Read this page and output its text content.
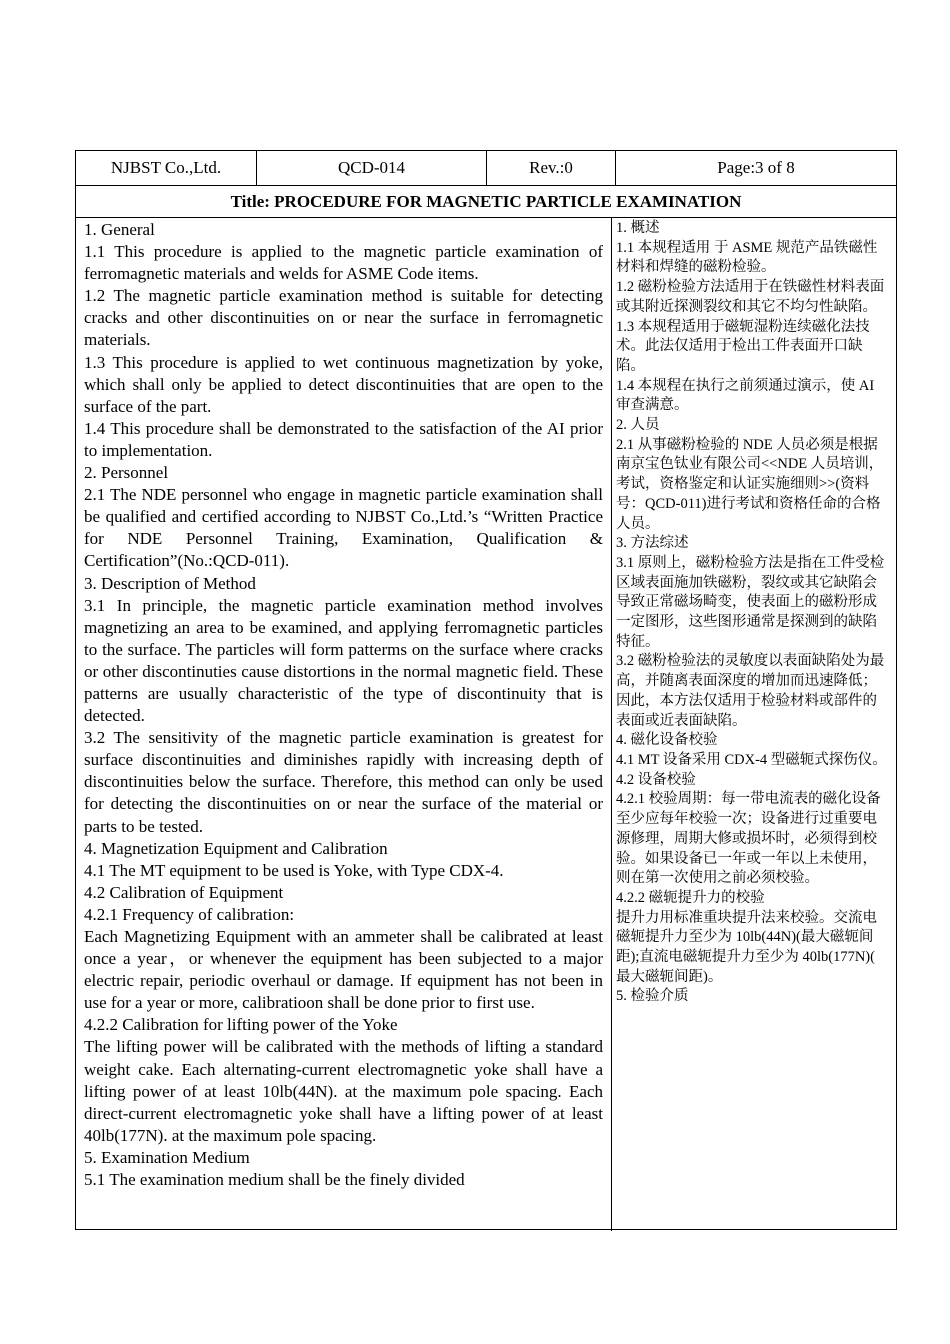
NJBST Co.,Ltd.	QCD-014	Rev.:0	Page:3 of 8
Title: PROCEDURE FOR MAGNETIC PARTICLE EXAMINATION

1. General

1.1 This procedure is applied to the magnetic particle examination of ferromagnetic materials and welds for ASME Code items.

1.2 The magnetic particle examination method is suitable for detecting cracks and other discontinuities on or near the surface in ferromagnetic materials.

1.3 This procedure is applied to wet continuous magnetization by yoke, which shall only be applied to detect discontinuities that are open to the surface of the part.

1.4 This procedure shall be demonstrated to the satisfaction of the AI prior to implementation.

2. Personnel

2.1 The NDE personnel who engage in magnetic particle examination shall be qualified and certified according to NJBST Co.,Ltd.’s “Written Practice for NDE Personnel Training, Examination, Qualification & Certification”(No.:QCD-011).

3. Description of Method

3.1 In principle, the magnetic particle examination method involves magnetizing an area to be examined, and applying ferromagnetic particles to the surface. The particles will form patterms on the surface where cracks or other discontinuties cause distortions in the normal magnetic field. These patterns are usually characteristic of the type of discontinuity that is detected.

3.2 The sensitivity of the magnetic particle examination is greatest for surface discontinuities and diminishes rapidly with increasing depth of discontinuities below the surface. Therefore, this method can only be used for detecting the discontinuities on or near the surface of the material or parts to be tested.

4. Magnetization Equipment and Calibration

4.1 The MT equipment to be used is Yoke, with Type CDX-4.

4.2 Calibration of Equipment

4.2.1 Frequency of calibration:

Each Magnetizing Equipment with an ammeter shall be calibrated at least once a year，or whenever the equipment has been subjected to a major electric repair, periodic overhaul or damage. If equipment has not been in use for a year or more, calibratioon shall be done prior to first use.

4.2.2 Calibration for lifting power of the Yoke

The lifting power will be calibrated with the methods of lifting a standard weight cake. Each alternating-current electromagnetic yoke shall have a lifting power of at least 10lb(44N). at the maximum pole spacing. Each direct-current electromagnetic yoke shall have a lifting power of at least 40lb(177N). at the maximum pole spacing.

5. Examination Medium

5.1 The examination medium shall be the finely divided

1. 概述

1.1 本规程适用 于 ASME 规范产品铁磁性材料和焊缝的磁粉检验。

1.2 磁粉检验方法适用于在铁磁性材料表面或其附近探测裂纹和其它不均匀性缺陷。

1.3 本规程适用于磁轭湿粉连续磁化法技术。此法仅适用于检出工件表面开口缺陷。

1.4 本规程在执行之前须通过演示，使 AI 审查满意。

2. 人员

2.1 从事磁粉检验的 NDE 人员必须是根据南京宝色钛业有限公司<<NDE 人员培训，考试，资格鉴定和认证实施细则>>(资料号：QCD-011)进行考试和资格任命的合格人员。

3. 方法综述

3.1 原则上，磁粉检验方法是指在工件受检区域表面施加铁磁粉，裂纹或其它缺陷会导致正常磁场畸变，使表面上的磁粉形成一定图形，这些图形通常是探测到的缺陷特征。

3.2 磁粉检验法的灵敏度以表面缺陷处为最高，并随离表面深度的增加而迅速降低；因此，本方法仅适用于检验材料或部件的表面或近表面缺陷。

4. 磁化设备校验

4.1 MT 设备采用 CDX-4 型磁轭式探伤仪。

4.2 设备校验

4.2.1 校验周期：每一带电流表的磁化设备至少应每年校验一次；设备进行过重要电源修理，周期大修或损坏时，必须得到校验。如果设备已一年或一年以上未使用，则在第一次使用之前必须校验。

4.2.2 磁轭提升力的校验

提升力用标准重块提升法来校验。交流电磁轭提升力至少为 10lb(44N)(最大磁轭间距);直流电磁轭提升力至少为 40lb(177N)( 最大磁轭间距)。

5. 检验介质
